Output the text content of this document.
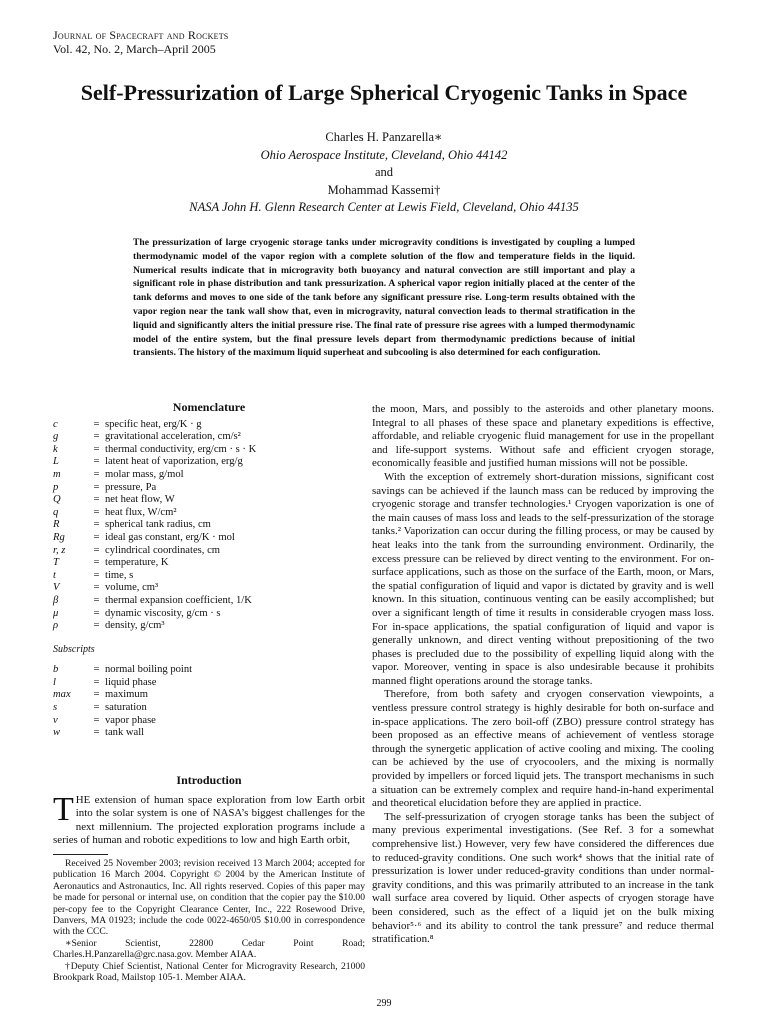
Journal of Spacecraft and Rockets
Vol. 42, No. 2, March–April 2005
Self-Pressurization of Large Spherical Cryogenic Tanks in Space
Charles H. Panzarella∗
Ohio Aerospace Institute, Cleveland, Ohio 44142
and
Mohammad Kassemi†
NASA John H. Glenn Research Center at Lewis Field, Cleveland, Ohio 44135
The pressurization of large cryogenic storage tanks under microgravity conditions is investigated by coupling a lumped thermodynamic model of the vapor region with a complete solution of the flow and temperature fields in the liquid. Numerical results indicate that in microgravity both buoyancy and natural convection are still important and play a significant role in phase distribution and tank pressurization. A spherical vapor region initially placed at the center of the tank deforms and moves to one side of the tank before any significant pressure rise. Long-term results obtained with the vapor region near the tank wall show that, even in microgravity, natural convection leads to thermal stratification in the liquid and significantly alters the initial pressure rise. The final rate of pressure rise agrees with a lumped thermodynamic model of the entire system, but the final pressure levels depart from thermodynamic predictions because of initial transients. The history of the maximum liquid superheat and subcooling is also determined for each configuration.
Nomenclature
c	= specific heat, erg/K · g
g	= gravitational acceleration, cm/s²
k	= thermal conductivity, erg/cm · s · K
L	= latent heat of vaporization, erg/g
m	= molar mass, g/mol
p	= pressure, Pa
Q	= net heat flow, W
q	= heat flux, W/cm²
R	= spherical tank radius, cm
Rg	= ideal gas constant, erg/K · mol
r, z	= cylindrical coordinates, cm
T	= temperature, K
t	= time, s
V	= volume, cm³
β	= thermal expansion coefficient, 1/K
μ	= dynamic viscosity, g/cm · s
ρ	= density, g/cm³
Subscripts
b	= normal boiling point
l	= liquid phase
max	= maximum
s	= saturation
v	= vapor phase
w	= tank wall
Introduction
THE extension of human space exploration from low Earth orbit into the solar system is one of NASA’s biggest challenges for the next millennium. The projected exploration programs include a series of human and robotic expeditions to low and high Earth orbit,

Received 25 November 2003; revision received 13 March 2004; accepted for publication 16 March 2004. Copyright © 2004 by the American Institute of Aeronautics and Astronautics, Inc. All rights reserved. Copies of this paper may be made for personal or internal use, on condition that the copier pay the $10.00 per-copy fee to the Copyright Clearance Center, Inc., 222 Rosewood Drive, Danvers, MA 01923; include the code 0022-4650/05 $10.00 in correspondence with the CCC.

∗Senior Scientist, 22800 Cedar Point Road; Charles.H.Panzarella@grc.nasa.gov. Member AIAA.

†Deputy Chief Scientist, National Center for Microgravity Research, 21000 Brookpark Road, Mailstop 105-1. Member AIAA.

the moon, Mars, and possibly to the asteroids and other planetary moons. Integral to all phases of these space and planetary expeditions is effective, affordable, and reliable cryogenic fluid management for use in the propellant and life-support systems. Without safe and efficient cryogen storage, economically feasible and justified human missions will not be possible.

With the exception of extremely short-duration missions, significant cost savings can be achieved if the launch mass can be reduced by improving the cryogenic storage and transfer technologies.¹ Cryogen vaporization is one of the main causes of mass loss and leads to the self-pressurization of the storage tanks.² Vaporization can occur during the filling process, or may be caused by heat leaks into the tank from the surrounding environment. Ordinarily, the excess pressure can be relieved by direct venting to the environment. For on-surface applications, such as those on the surface of the Earth, moon, or Mars, the spatial configuration of liquid and vapor is dictated by gravity and is well known. In this situation, continuous venting can be easily accomplished; but over a significant length of time it results in considerable cryogen mass loss. For in-space applications, the spatial configuration of liquid and vapor is generally unknown, and direct venting without prepositioning of the two phases is precluded due to the possibility of expelling liquid along with the vapor. Moreover, venting in space is also undesirable because it prohibits manned flight operations around the storage tanks.

Therefore, from both safety and cryogen conservation viewpoints, a ventless pressure control strategy is highly desirable for both on-surface and in-space applications. The zero boil-off (ZBO) pressure control strategy has been proposed as an effective means of achievement of ventless storage through the synergetic application of active cooling and mixing. The cooling can be achieved by the use of cryocoolers, and the mixing is normally provided by impellers or forced liquid jets. The transport mechanisms in such a situation can be extremely complex and require hand-in-hand experimental and theoretical elucidation before they are applied in practice.

The self-pressurization of cryogen storage tanks has been the subject of many previous experimental investigations. (See Ref. 3 for a somewhat comprehensive list.) However, very few have considered the differences due to reduced-gravity conditions. One such work⁴ shows that the initial rate of pressurization is lower under reduced-gravity conditions than under normal-gravity conditions, and this was primarily attributed to an increase in the tank wall surface area covered by liquid. Other aspects of cryogen storage have been considered, such as the effect of a liquid jet on the bulk mixing behavior⁵·⁶ and its ability to control the tank pressure⁷ and reduce thermal stratification.⁸

299
